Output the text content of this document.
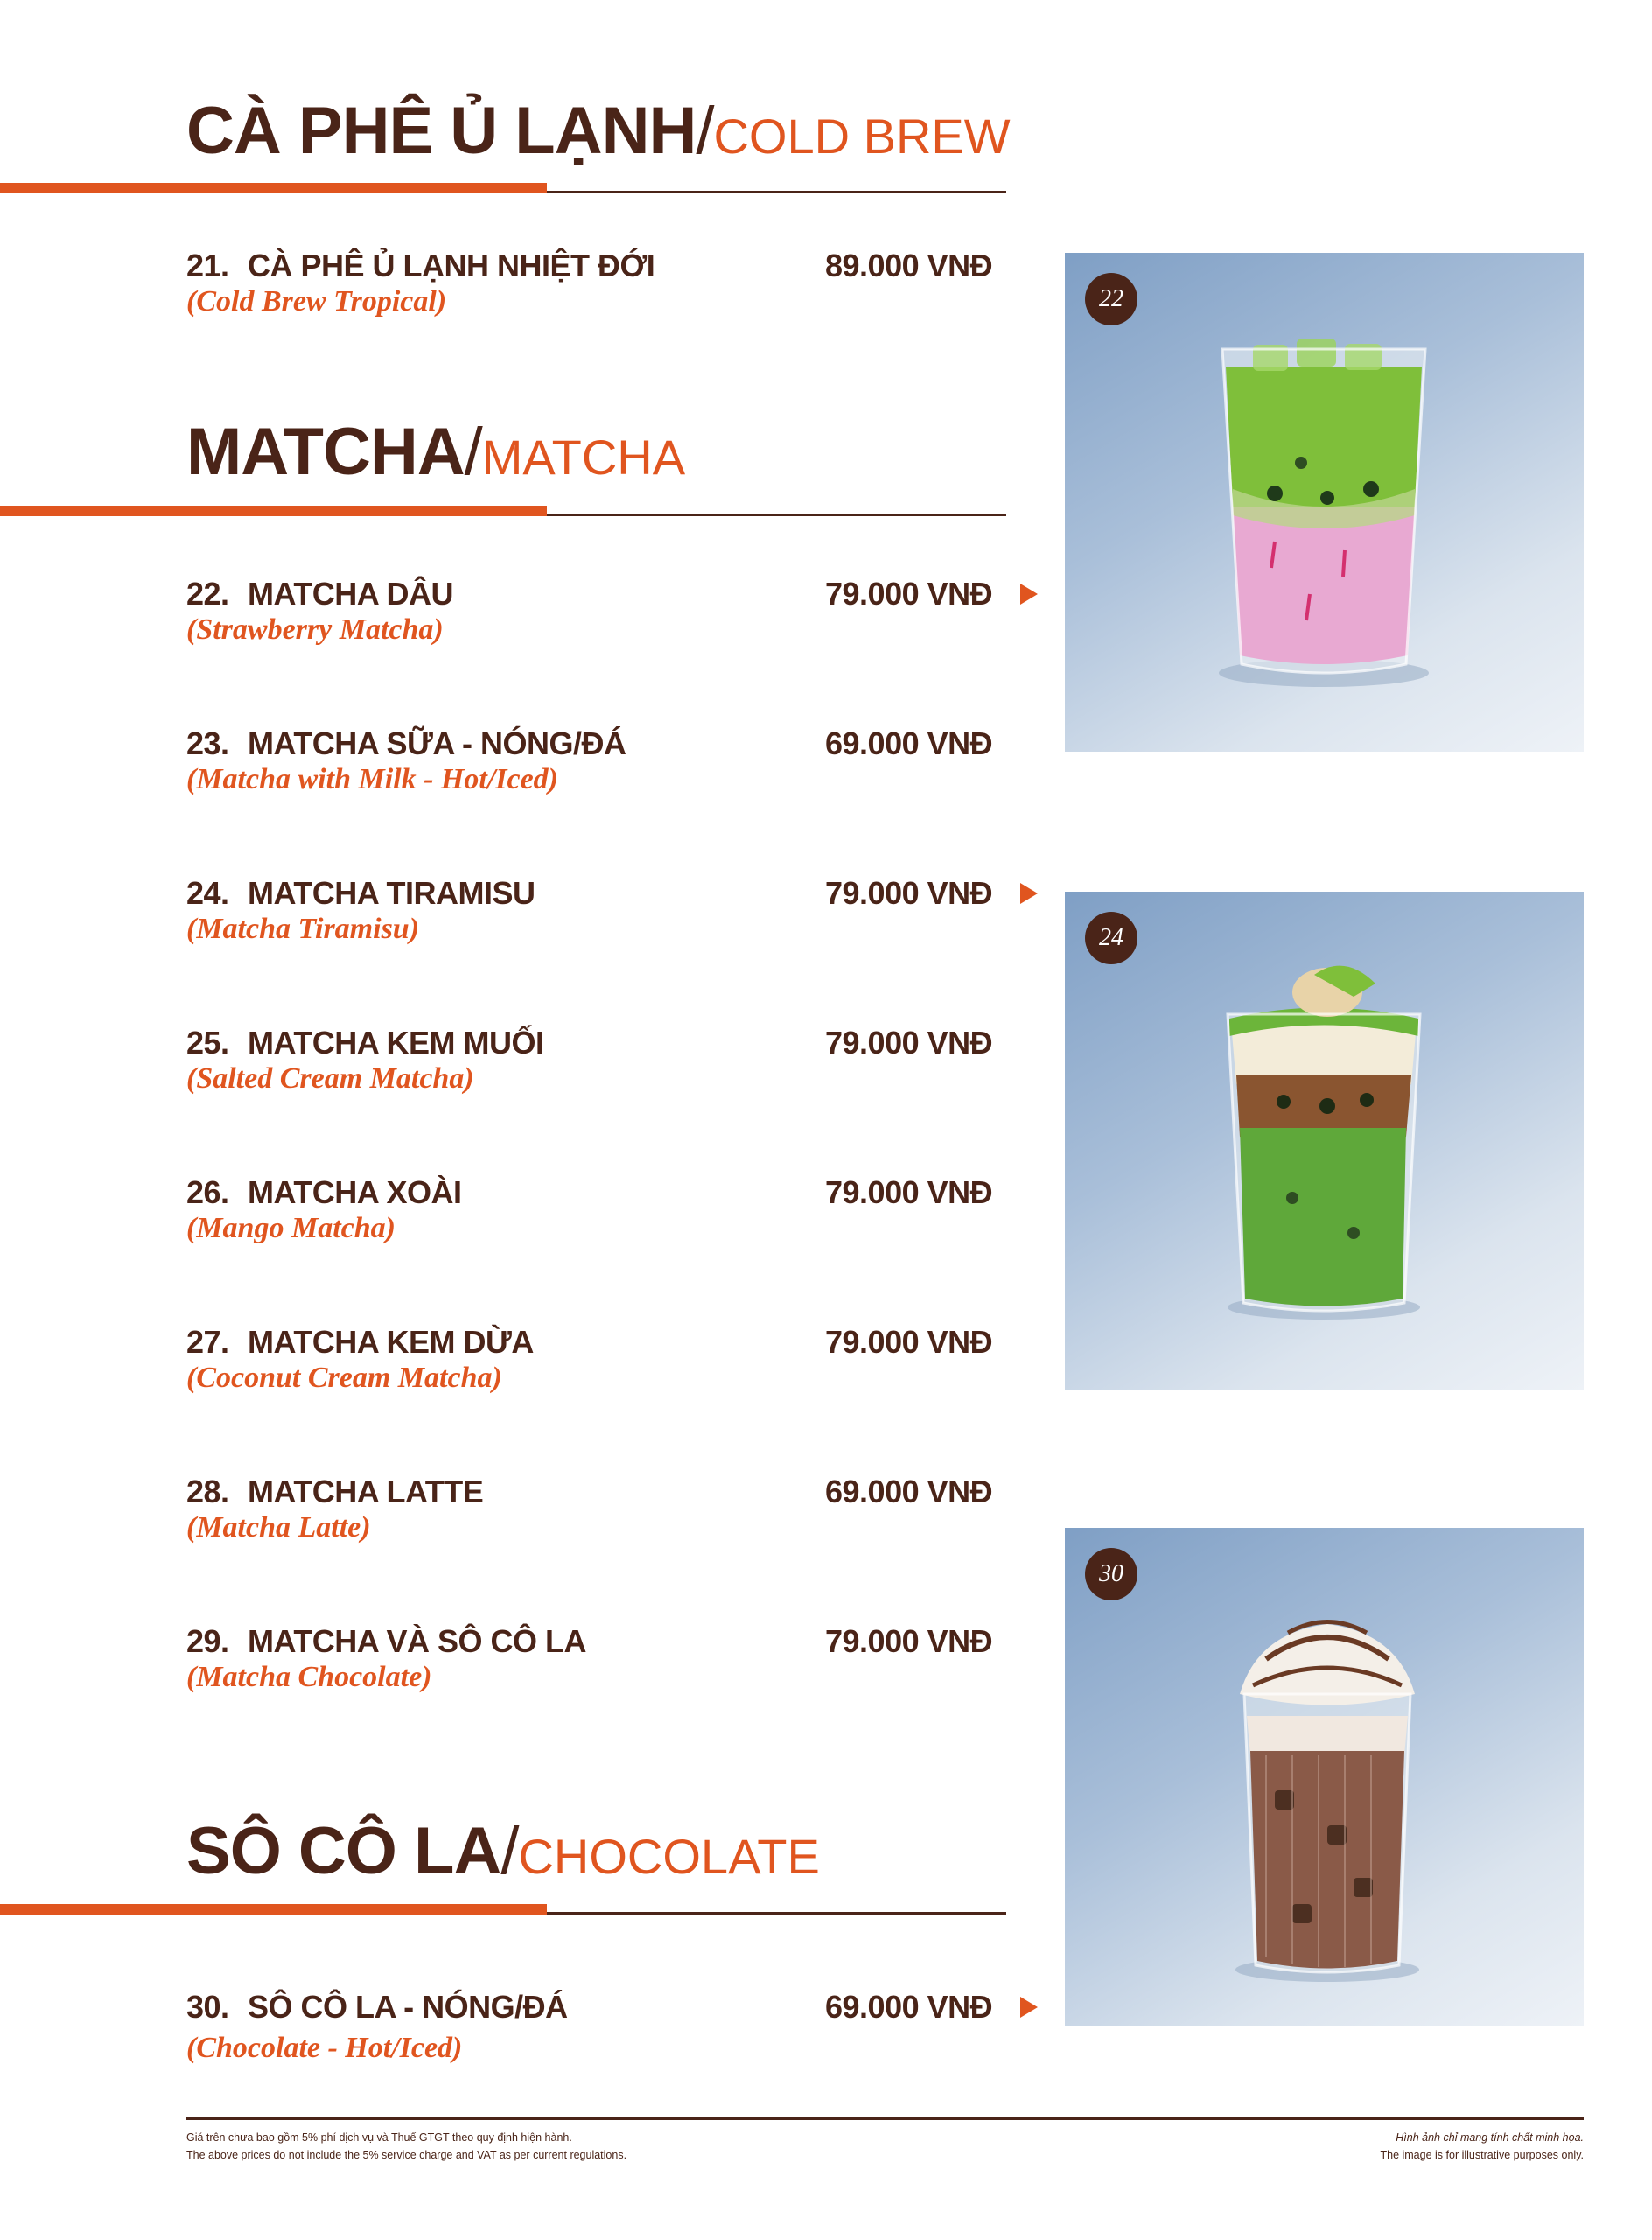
CÀ PHÊ Ủ LẠNH/COLD BREW
21. CÀ PHÊ Ủ LẠNH NHIỆT ĐỚI
(Cold Brew Tropical)
89.000 VNĐ
MATCHA/MATCHA
22. MATCHA DÂU
(Strawberry Matcha)
79.000 VNĐ
23. MATCHA SỮA - NÓNG/ĐÁ
(Matcha with Milk - Hot/Iced)
69.000 VNĐ
24. MATCHA TIRAMISU
(Matcha Tiramisu)
79.000 VNĐ
25. MATCHA KEM MUỐI
(Salted Cream Matcha)
79.000 VNĐ
26. MATCHA XOÀI
(Mango Matcha)
79.000 VNĐ
27. MATCHA KEM DỪA
(Coconut Cream Matcha)
79.000 VNĐ
28. MATCHA LATTE
(Matcha Latte)
69.000 VNĐ
29. MATCHA VÀ SÔ CÔ LA
(Matcha Chocolate)
79.000 VNĐ
SÔ CÔ LA/CHOCOLATE
30. SÔ CÔ LA - NÓNG/ĐÁ
(Chocolate - Hot/Iced)
69.000 VNĐ
22
24
30
Giá trên chưa bao gồm 5% phí dịch vụ và Thuế GTGT theo quy định hiện hành.
The above prices do not include the 5% service charge and VAT as per current regulations.
Hình ảnh chỉ mang tính chất minh họa.
The image is for illustrative purposes only.
